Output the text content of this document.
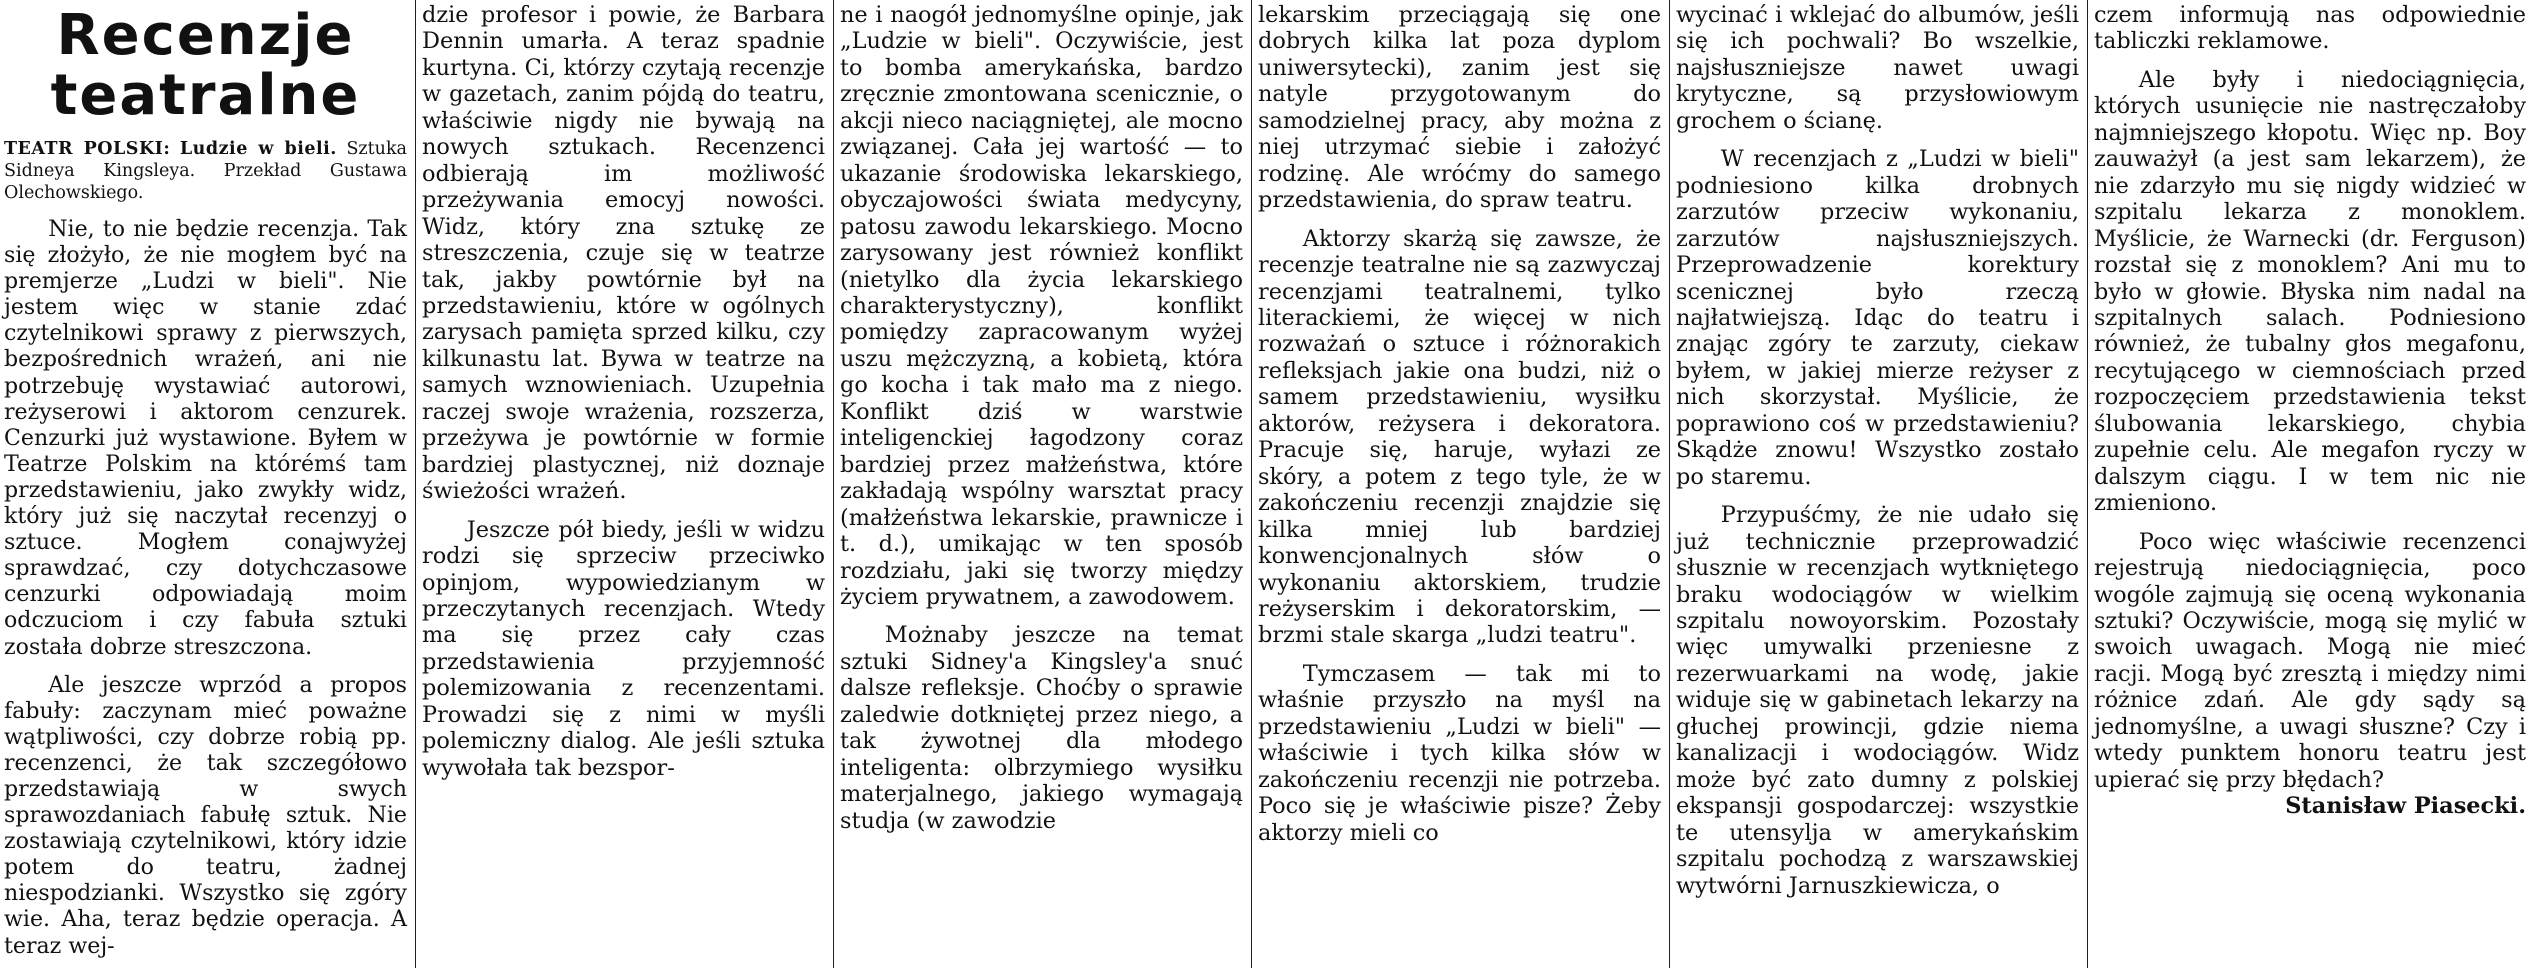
Recenzje teatralne

TEATR POLSKI: Ludzie w bieli. Sztuka Sidneya Kingsleya. Przekład Gustawa Olechowskiego.

Nie, to nie będzie recenzja. Tak się złożyło, że nie mogłem być na premjerze „Ludzi w bieli". Nie jestem więc w stanie zdać czytelnikowi sprawy z pierwszych, bezpośrednich wrażeń, ani nie potrzebuję wystawiać autorowi, reżyserowi i aktorom cenzurek. Cenzurki już wystawione. Byłem w Teatrze Polskim na którémś tam przedstawieniu, jako zwykły widz, który już się naczytał recenzyj o sztuce. Mogłem conajwyżej sprawdzać, czy dotychczasowe cenzurki odpowiadają moim odczuciom i czy fabuła sztuki została dobrze streszczona.

Ale jeszcze wprzód a propos fabuły: zaczynam mieć poważne wątpliwości, czy dobrze robią pp. recenzenci, że tak szczegółowo przedstawiają w swych sprawozdaniach fabułę sztuk. Nie zostawiają czytelnikowi, który idzie potem do teatru, żadnej niespodzianki. Wszystko się zgóry wie. Aha, teraz będzie operacja. A teraz wej-

dzie profesor i powie, że Barbara Dennin umarła. A teraz spadnie kurtyna. Ci, którzy czytają recenzje w gazetach, zanim pójdą do teatru, właściwie nigdy nie bywają na nowych sztukach. Recenzenci odbierają im możliwość przeżywania emocyj nowości. Widz, który zna sztukę ze streszczenia, czuje się w teatrze tak, jakby powtórnie był na przedstawieniu, które w ogólnych zarysach pamięta sprzed kilku, czy kilkunastu lat. Bywa w teatrze na samych wznowieniach. Uzupełnia raczej swoje wrażenia, rozszerza, przeżywa je powtórnie w formie bardziej plastycznej, niż doznaje świeżości wrażeń.

Jeszcze pół biedy, jeśli w widzu rodzi się sprzeciw przeciwko opinjom, wypowiedzianym w przeczytanych recenzjach. Wtedy ma się przez cały czas przedstawienia przyjemność polemizowania z recenzentami. Prowadzi się z nimi w myśli polemiczny dialog. Ale jeśli sztuka wywołała tak bezspor-

ne i naogół jednomyślne opinje, jak „Ludzie w bieli". Oczywiście, jest to bomba amerykańska, bardzo zręcznie zmontowana scenicznie, o akcji nieco naciągniętej, ale mocno związanej. Cała jej wartość — to ukazanie środowiska lekarskiego, obyczajowości świata medycyny, patosu zawodu lekarskiego. Mocno zarysowany jest również konflikt (nietylko dla życia lekarskiego charakterystyczny), konflikt pomiędzy zapracowanym wyżej uszu mężczyzną, a kobietą, która go kocha i tak mało ma z niego. Konflikt dziś w warstwie inteligenckiej łagodzony coraz bardziej przez małżeństwa, które zakładają wspólny warsztat pracy (małżeństwa lekarskie, prawnicze i t. d.), umikając w ten sposób rozdziału, jaki się tworzy między życiem prywatnem, a zawodowem.

Możnaby jeszcze na temat sztuki Sidney'a Kingsley'a snuć dalsze refleksje. Choćby o sprawie zaledwie dotkniętej przez niego, a tak żywotnej dla młodego inteligenta: olbrzymiego wysiłku materjalnego, jakiego wymagają studja (w zawodzie

lekarskim przeciągają się one dobrych kilka lat poza dyplom uniwersytecki), zanim jest się natyle przygotowanym do samodzielnej pracy, aby można z niej utrzymać siebie i założyć rodzinę. Ale wróćmy do samego przedstawienia, do spraw teatru.

Aktorzy skarżą się zawsze, że recenzje teatralne nie są zazwyczaj recenzjami teatralnemi, tylko literackiemi, że więcej w nich rozważań o sztuce i różnorakich refleksjach jakie ona budzi, niż o samem przedstawieniu, wysiłku aktorów, reżysera i dekoratora. Pracuje się, haruje, wyłazi ze skóry, a potem z tego tyle, że w zakończeniu recenzji znajdzie się kilka mniej lub bardziej konwencjonalnych słów o wykonaniu aktorskiem, trudzie reżyserskim i dekoratorskim, — brzmi stale skarga „ludzi teatru".

Tymczasem — tak mi to właśnie przyszło na myśl na przedstawieniu „Ludzi w bieli" — właściwie i tych kilka słów w zakończeniu recenzji nie potrzeba. Poco się je właściwie pisze? Żeby aktorzy mieli co

wycinać i wklejać do albumów, jeśli się ich pochwali? Bo wszelkie, najsłuszniejsze nawet uwagi krytyczne, są przysłowiowym grochem o ścianę.

W recenzjach z „Ludzi w bieli" podniesiono kilka drobnych zarzutów przeciw wykonaniu, zarzutów najsłuszniejszych. Przeprowadzenie korektury scenicznej było rzeczą najłatwiejszą. Idąc do teatru i znając zgóry te zarzuty, ciekaw byłem, w jakiej mierze reżyser z nich skorzystał. Myślicie, że poprawiono coś w przedstawieniu? Skądże znowu! Wszystko zostało po staremu.

Przypuśćmy, że nie udało się już technicznie przeprowadzić słusznie w recenzjach wytkniętego braku wodociągów w wielkim szpitalu nowoyorskim. Pozostały więc umywalki przeniesne z rezerwuarkami na wodę, jakie widuje się w gabinetach lekarzy na głuchej prowincji, gdzie niema kanalizacji i wodociągów. Widz może być zato dumny z polskiej ekspansji gospodarczej: wszystkie te utensylja w amerykańskim szpitalu pochodzą z warszawskiej wytwórni Jarnuszkiewicza, o

czem informują nas odpowiednie tabliczki reklamowe.

Ale były i niedociągnięcia, których usunięcie nie nastręczałoby najmniejszego kłopotu. Więc np. Boy zauważył (a jest sam lekarzem), że nie zdarzyło mu się nigdy widzieć w szpitalu lekarza z monoklem. Myślicie, że Warnecki (dr. Ferguson) rozstał się z monoklem? Ani mu to było w głowie. Błyska nim nadal na szpitalnych salach. Podniesiono również, że tubalny głos megafonu, recytującego w ciemnościach przed rozpoczęciem przedstawienia tekst ślubowania lekarskiego, chybia zupełnie celu. Ale megafon ryczy w dalszym ciągu. I w tem nic nie zmieniono.

Poco więc właściwie recenzenci rejestrują niedociągnięcia, poco wogóle zajmują się oceną wykonania sztuki? Oczywiście, mogą się mylić w swoich uwagach. Mogą nie mieć racji. Mogą być zresztą i między nimi różnice zdań. Ale gdy sądy są jednomyślne, a uwagi słuszne? Czy i wtedy punktem honoru teatru jest upierać się przy błędach?

Stanisław Piasecki.
